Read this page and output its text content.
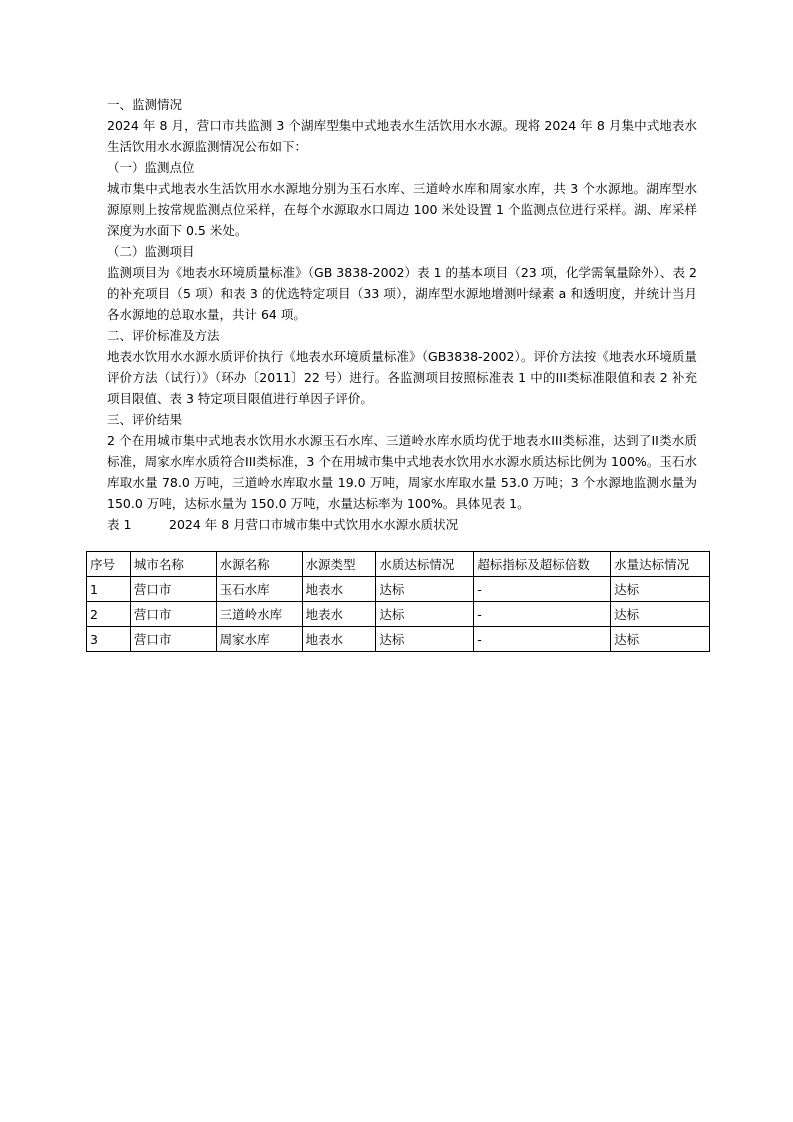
一、监测情况

2024 年 8 月，营口市共监测 3 个湖库型集中式地表水生活饮用水水源。现将 2024 年 8 月集中式地表水生活饮用水水源监测情况公布如下：

（一）监测点位

城市集中式地表水生活饮用水水源地分别为玉石水库、三道岭水库和周家水库，共 3 个水源地。湖库型水源原则上按常规监测点位采样，在每个水源取水口周边 100 米处设置 1 个监测点位进行采样。湖、库采样深度为水面下 0.5 米处。

（二）监测项目

监测项目为《地表水环境质量标准》（GB 3838-2002）表 1 的基本项目（23 项，化学需氧量除外）、表 2 的补充项目（5 项）和表 3 的优选特定项目（33 项），湖库型水源地增测叶绿素 a 和透明度，并统计当月各水源地的总取水量，共计 64 项。

二、评价标准及方法

地表水饮用水水源水质评价执行《地表水环境质量标准》（GB3838-2002）。评价方法按《地表水环境质量评价方法（试行）》（环办〔2011〕22 号）进行。各监测项目按照标准表 1 中的III类标准限值和表 2 补充项目限值、表 3 特定项目限值进行单因子评价。

三、评价结果

2 个在用城市集中式地表水饮用水水源玉石水库、三道岭水库水质均优于地表水III类标准，达到了II类水质标准，周家水库水质符合III类标准，3 个在用城市集中式地表水饮用水水源水质达标比例为 100%。玉石水库取水量 78.0 万吨，三道岭水库取水量 19.0 万吨，周家水库取水量 53.0 万吨；3 个水源地监测水量为 150.0 万吨，达标水量为 150.0 万吨，水量达标率为 100%。具体见表 1。

表 1	2024 年 8 月营口市城市集中式饮用水水源水质状况

序号	城市名称	水源名称	水源类型	水质达标情况	超标指标及超标倍数	水量达标情况
1	营口市	玉石水库	地表水	达标	-	达标
2	营口市	三道岭水库	地表水	达标	-	达标
3	营口市	周家水库	地表水	达标	-	达标
